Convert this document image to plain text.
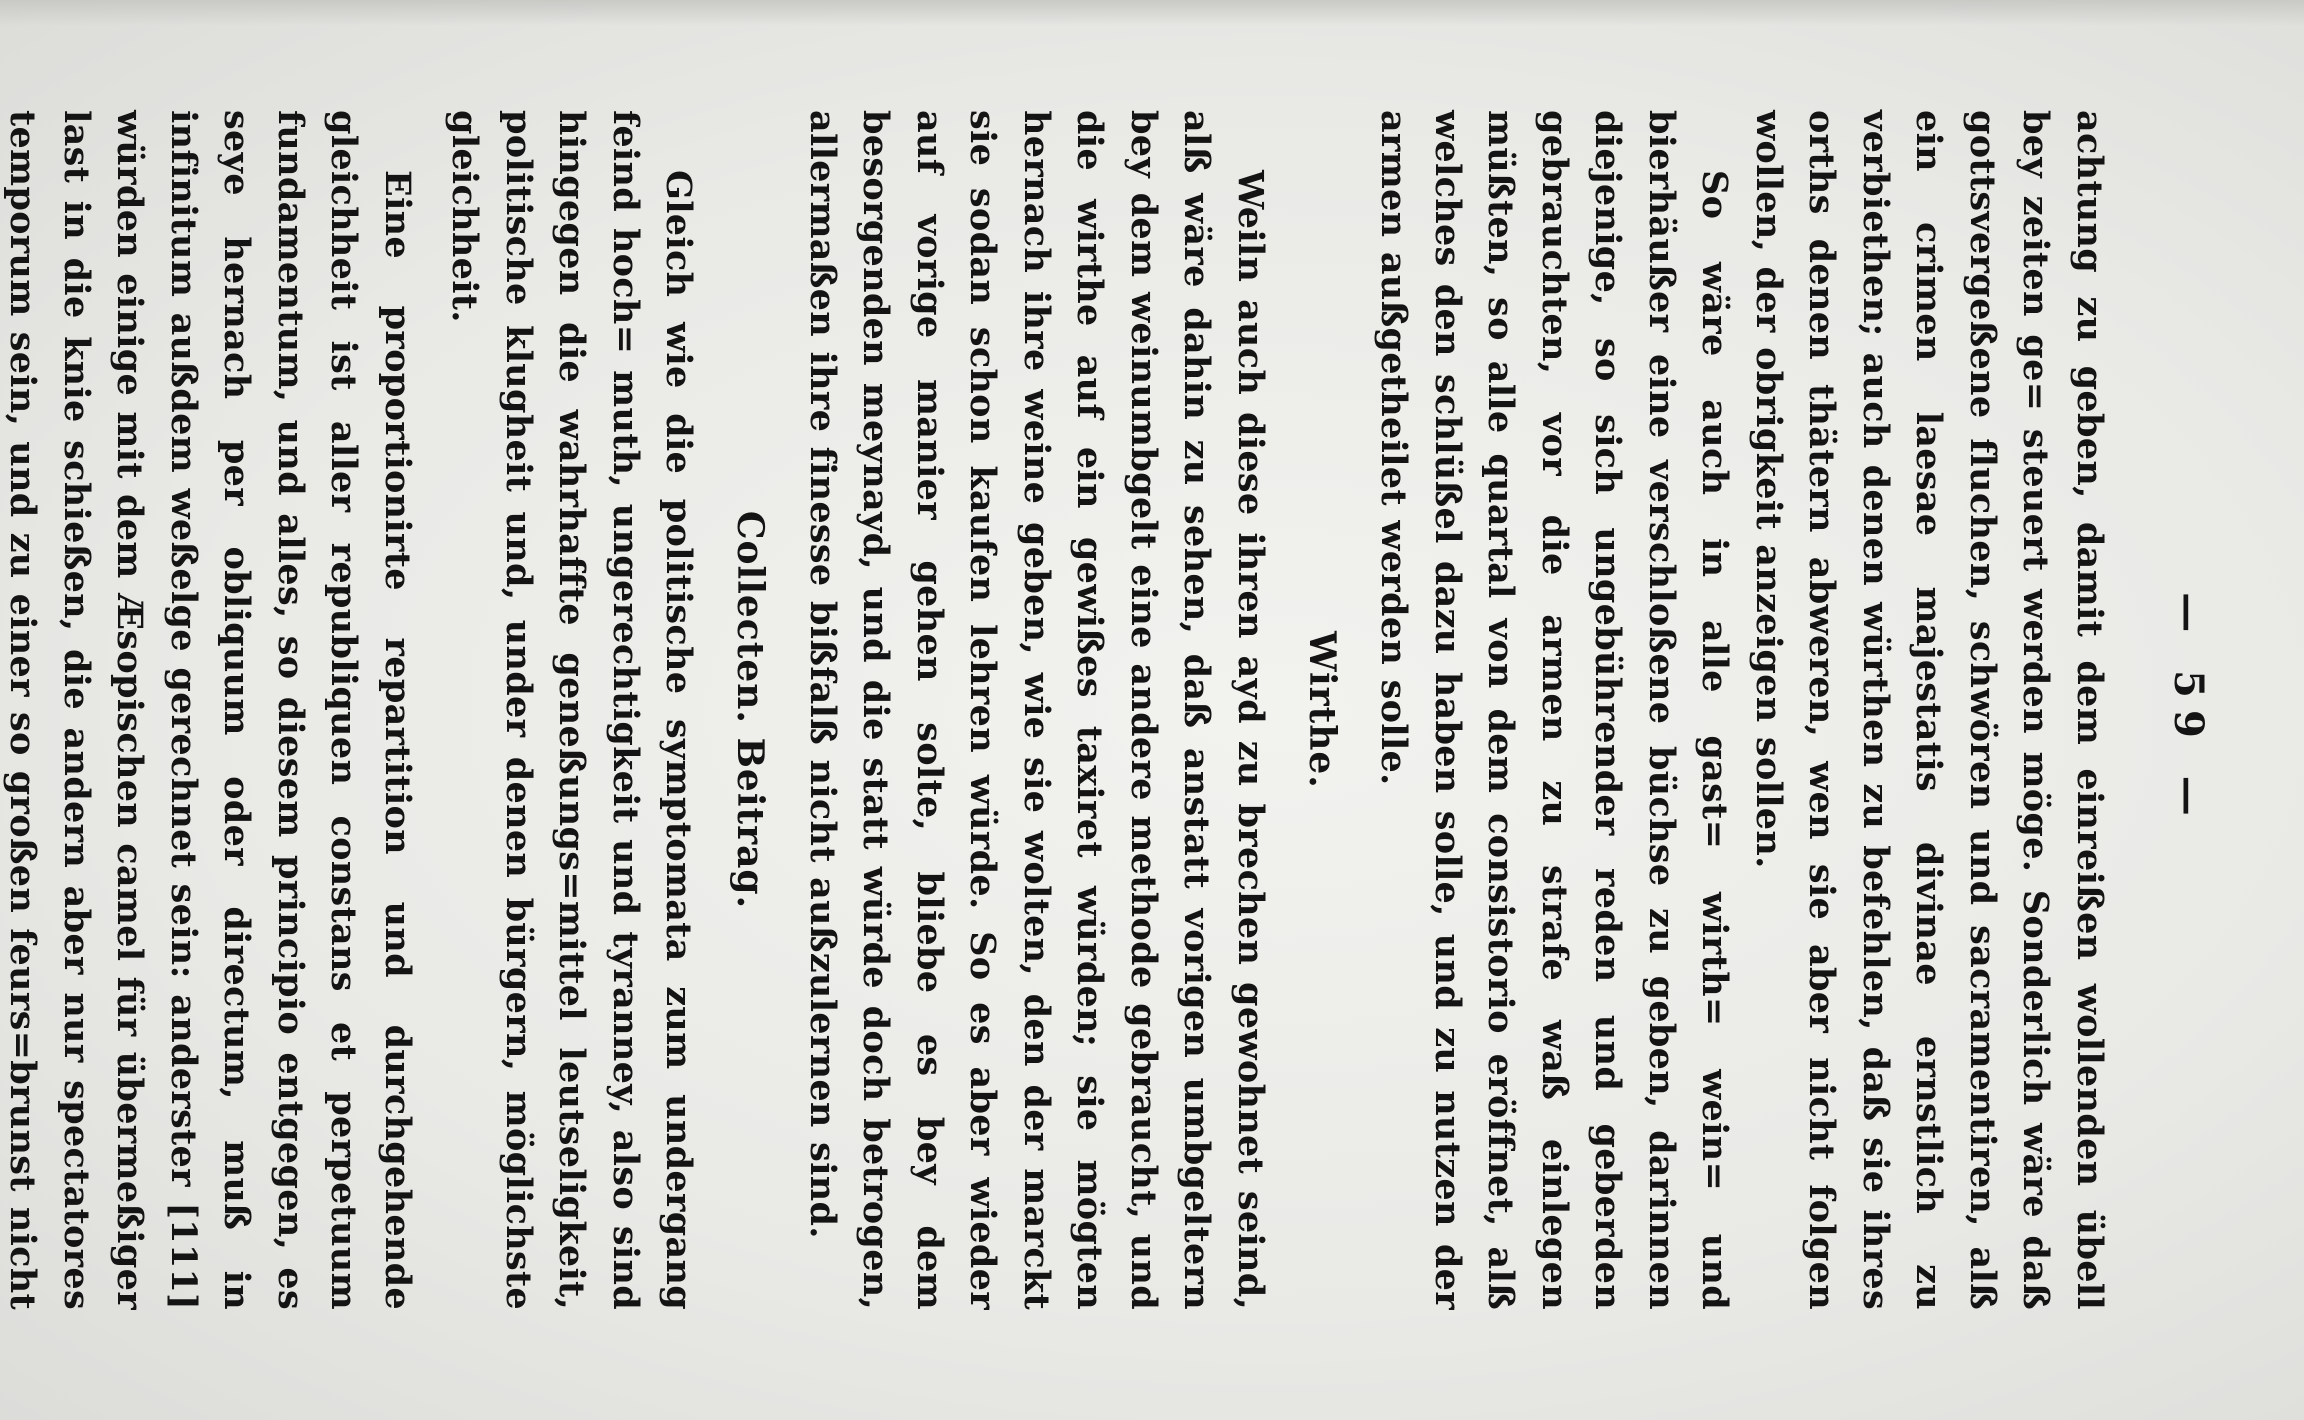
— 59 —

achtung zu geben, damit dem einreißen wollenden übell bey zeiten ge= steuert werden möge. Sonderlich wäre daß gottsvergeßene fluchen, schwören und sacramentiren, alß ein crimen laesae majestatis divinae ernstlich zu verbiethen; auch denen würthen zu befehlen, daß sie ihres orths denen thätern abweren, wen sie aber nicht folgen wollen, der obrigkeit anzeigen sollen.

So wäre auch in alle gast= wirth= wein= und bierhäußer eine verschloßene büchse zu geben, darinnen diejenige, so sich ungebührender reden und geberden gebrauchten, vor die armen zu strafe waß einlegen müßten, so alle quartal von dem consistorio eröffnet, alß welches den schlüßel dazu haben solle, und zu nutzen der armen außgetheilet werden solle.

Wirthe.

Weiln auch diese ihren ayd zu brechen gewohnet seind, alß wäre dahin zu sehen, daß anstatt vorigen umbgeltern bey dem weinumbgelt eine andere methode gebraucht, und die wirthe auf ein gewißes taxiret würden; sie mögten hernach ihre weine geben, wie sie wolten, den der marckt sie sodan schon kaufen lehren würde. So es aber wieder auf vorige manier gehen solte, bliebe es bey dem besorgenden meynayd, und die statt würde doch betrogen, allermaßen ihre finesse bißfalß nicht außzulernen sind.

Collecten. Beitrag.

Gleich wie die politische symptomata zum undergang feind hoch= muth, ungerechtigkeit und tyranney, also sind hingegen die wahrhaffte geneßungs=mittel leutseligkeit, politische klugheit und, under denen bürgern, möglichste gleichheit.

Eine proportionirte repartition und durchgehende gleichheit ist aller republiquen constans et perpetuum fundamentum, und alles, so diesem principio entgegen, es seye hernach per obliquum oder directum, muß in infinitum außdem weßelge gerechnet sein: anderster [111] würden einige mit dem Æsopischen camel für übermeßiger last in die knie schießen, die andern aber nur spectatores temporum sein, und zu einer so großen feurs=brunst nicht
